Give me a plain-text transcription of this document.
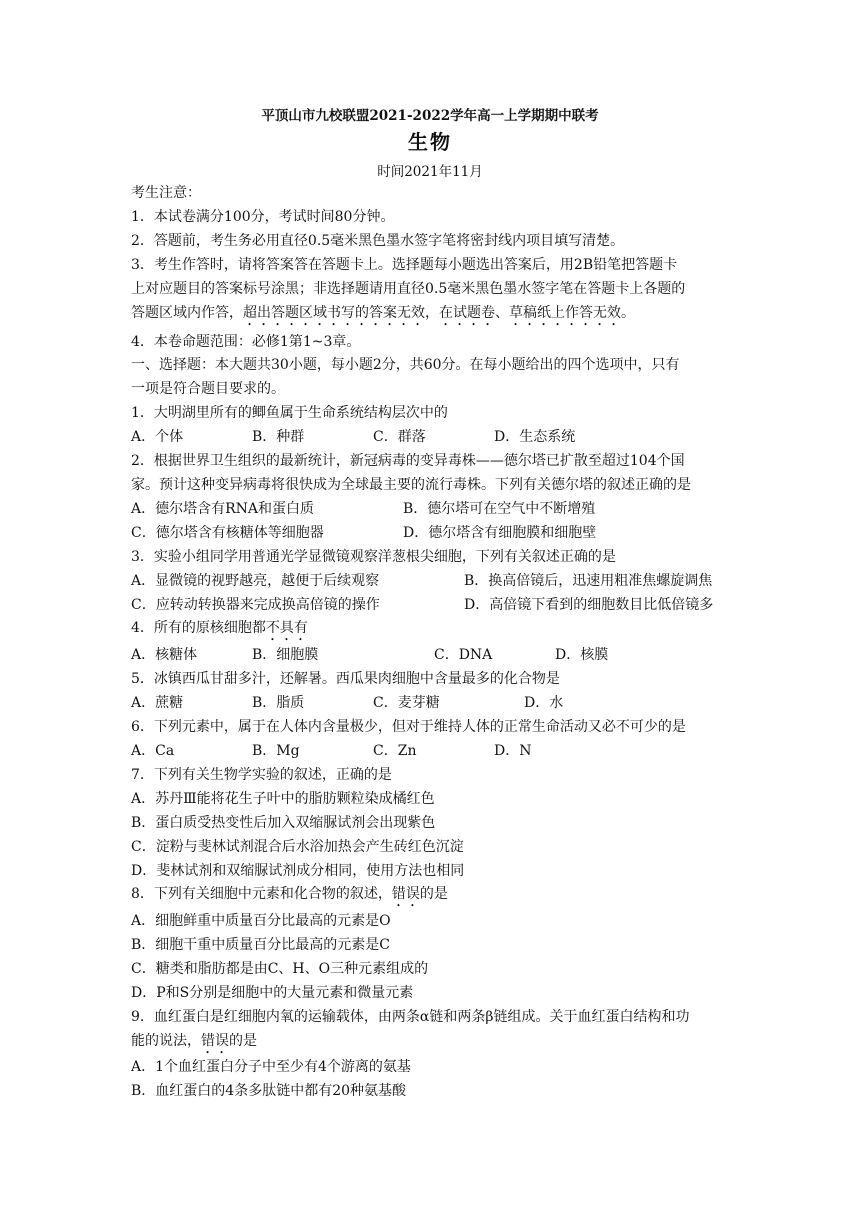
平顶山市九校联盟2021-2022学年高一上学期期中联考
生物
时间2021年11月
考生注意：
1．本试卷满分100分，考试时间80分钟。
2．答题前，考生务必用直径0.5毫米黑色墨水签字笔将密封线内项目填写清楚。
3．考生作答时，请将答案答在答题卡上。选择题每小题选出答案后，用2B铅笔把答题卡
上对应题目的答案标号涂黑；非选择题请用直径0.5毫米黑色墨水签字笔在答题卡上各题的
答题区域内作答，超出答题区域书写的答案无效，在试题卷、草稿纸上作答无效。
4．本卷命题范围：必修1第1~3章。
一、选择题：本大题共30小题，每小题2分，共60分。在每小题给出的四个选项中，只有
一项是符合题目要求的。
1．大明湖里所有的鲫鱼属于生命系统结构层次中的
A．个体	B．种群	C．群落	D．生态系统
2．根据世界卫生组织的最新统计，新冠病毒的变异毒株——德尔塔已扩散至超过104个国
家。预计这种变异病毒将很快成为全球最主要的流行毒株。下列有关德尔塔的叙述正确的是
A．德尔塔含有RNA和蛋白质	B．德尔塔可在空气中不断增殖
C．德尔塔含有核糖体等细胞器	D．德尔塔含有细胞膜和细胞壁
3．实验小组同学用普通光学显微镜观察洋葱根尖细胞，下列有关叙述正确的是
A．显微镜的视野越亮，越便于后续观察	B．换高倍镜后，迅速用粗准焦螺旋调焦
C．应转动转换器来完成换高倍镜的操作	D．高倍镜下看到的细胞数目比低倍镜多
4．所有的原核细胞都不具有
A．核糖体	B．细胞膜	C．DNA	D．核膜
5．冰镇西瓜甘甜多汁，还解暑。西瓜果肉细胞中含量最多的化合物是
A．蔗糖	B．脂质	C．麦芽糖	D．水
6．下列元素中，属于在人体内含量极少，但对于维持人体的正常生命活动又必不可少的是
A．Ca	B．Mg	C．Zn	D．N
7．下列有关生物学实验的叙述，正确的是
A．苏丹Ⅲ能将花生子叶中的脂肪颗粒染成橘红色
B．蛋白质受热变性后加入双缩脲试剂会出现紫色
C．淀粉与斐林试剂混合后水浴加热会产生砖红色沉淀
D．斐林试剂和双缩脲试剂成分相同，使用方法也相同
8．下列有关细胞中元素和化合物的叙述，错误的是
A．细胞鲜重中质量百分比最高的元素是O
B．细胞干重中质量百分比最高的元素是C
C．糖类和脂肪都是由C、H、O三种元素组成的
D．P和S分别是细胞中的大量元素和微量元素
9．血红蛋白是红细胞内氧的运输载体，由两条α链和两条β链组成。关于血红蛋白结构和功
能的说法，错误的是
A．1个血红蛋白分子中至少有4个游离的氨基
B．血红蛋白的4条多肽链中都有20种氨基酸
